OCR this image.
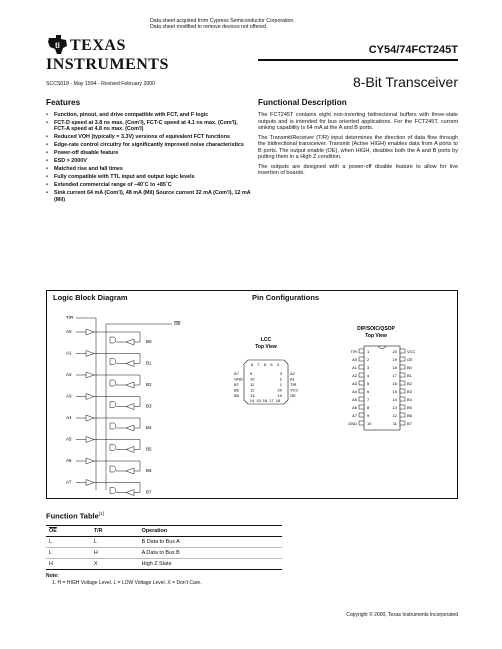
Data sheet acquired from Cypress Semiconductor Corporation.
Data sheet modified to remove devices not offered.
ti TEXAS
INSTRUMENTS
SCCS018 - May 1994 - Revised February 2000
CY54/74FCT245T
8-Bit Transceiver
Features
• Function, pinout, and drive compatible with FCT, and F logic
• FCT-D speed at 3.8 ns max. (Com'l), FCT-C speed at 4.1 ns max. (Com'l), FCT-A speed at 4.8 ns max. (Com'l)
• Reduced VOH (typically = 3.3V) versions of equivalent FCT functions
• Edge-rate control circuitry for significantly improved noise characteristics
• Power-off disable feature
• ESD > 2000V
• Matched rise and fall times
• Fully compatible with TTL input and output logic levels
• Extended commercial range of –40˚C to +85˚C
• Sink current 64 mA (Com'l), 48 mA (Mil) Source current 32 mA (Com'l), 12 mA (Mil)
Functional Description

The FCT245T contains eight non-inverting bidirectional buffers with three-state outputs and is intended for bus oriented applications. For the FCT245T, current sinking capability is 64 mA at the A and B ports.

The Transmit/Receiver (T/R) input determines the direction of data flow through the bidirectional transceiver. Transmit (Active HIGH) enables data from A ports to B ports. The output enable (OE), when HIGH, disables both the A and B ports by putting them in a High Z condition.

The outputs are designed with a power-off disable feature to allow for live insertion of boards.

Logic Block Diagram	Pin Configurations
T/R
OE
A0
B0
A1
B1
A2
B2
A3
B3
A4
B4
A5
B5
A6
B6
A7
B7
LCC
Top View
8
14
9
A7	3 A2
7
15
10
GND	2 A1
6
16
11
B7	1 T/R
5
17
12
B6	20 VCC
4
18
13
B5	19 OE
DIP/SOIC/QSOP
Top View
1	20
T/R	VCC
2	19
A0	OE
3	18
A1	B0
4	17
A2	B1
5	16
A3	B2
6	15
A4	B3
7	14
A5	B4
8	13
A6	B5
9	12
A7	B6
10	11
GND	B7
Function Table[1]
$\overline{OE}$	T/R	Operation
L	L	B Data to Bus A
L	H	A Data to Bus B
H	X	High Z State
Note:
1. H = HIGH Voltage Level. L = LOW Voltage Level. X = Don't Care.
Copyright © 2000, Texas Instruments Incorporated
